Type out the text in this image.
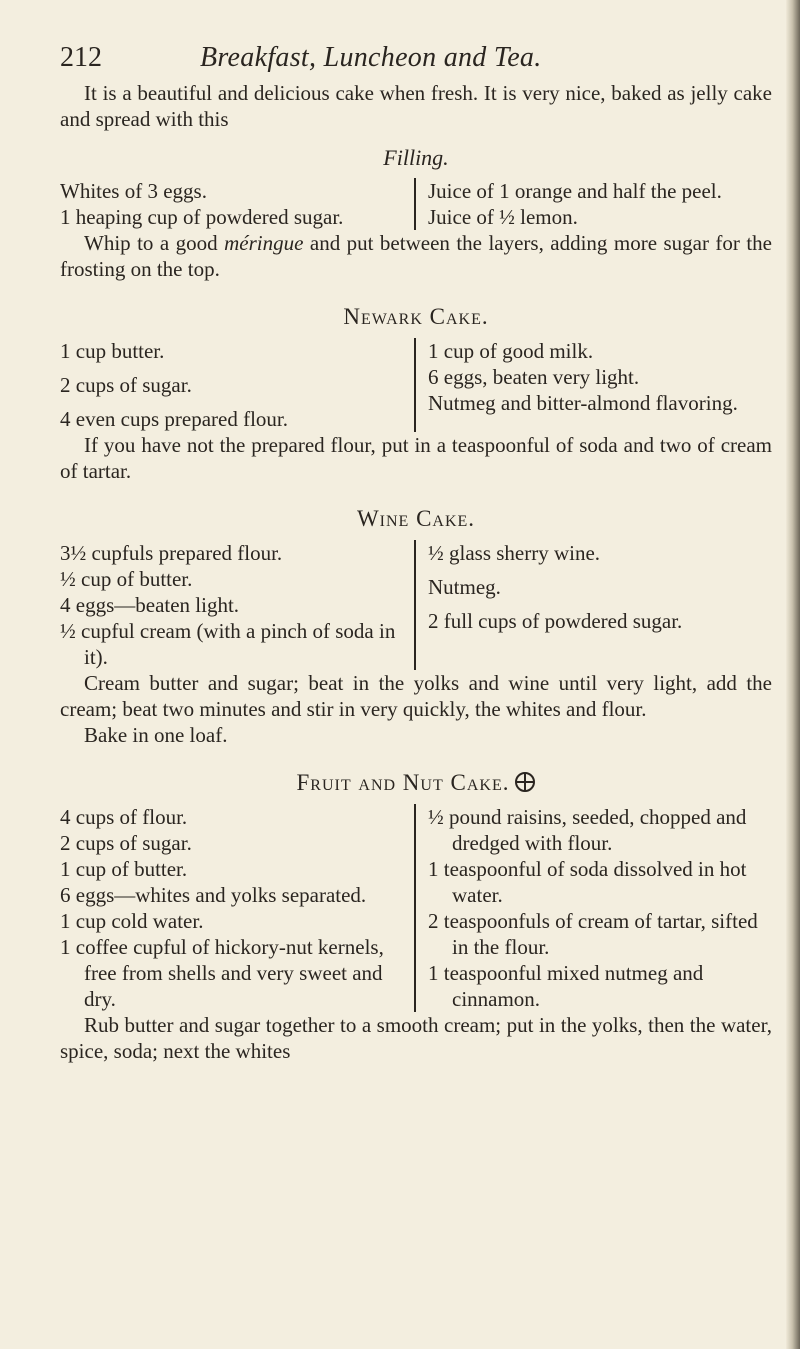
212	Breakfast, Luncheon and Tea.

It is a beautiful and delicious cake when fresh. It is very nice, baked as jelly cake and spread with this

Filling.
Whites of 3 eggs.
1 heaping cup of powdered sugar.
Juice of 1 orange and half the peel.
Juice of ½ lemon.

Whip to a good méringue and put between the layers, adding more sugar for the frosting on the top.

Newark Cake.
1 cup butter.
2 cups of sugar.
4 even cups prepared flour.
1 cup of good milk.
6 eggs, beaten very light.
Nutmeg and bitter-almond flavoring.

If you have not the prepared flour, put in a teaspoonful of soda and two of cream of tartar.

Wine Cake.
3½ cupfuls prepared flour.
½ cup of butter.
4 eggs—beaten light.
½ cupful cream (with a pinch of soda in it).
½ glass sherry wine.
Nutmeg.
2 full cups of powdered sugar.

Cream butter and sugar; beat in the yolks and wine until very light, add the cream; beat two minutes and stir in very quickly, the whites and flour.

Bake in one loaf.

Fruit and Nut Cake.
4 cups of flour.
2 cups of sugar.
1 cup of butter.
6 eggs—whites and yolks separated.
1 cup cold water.
1 coffee cupful of hickory-nut kernels, free from shells and very sweet and dry.
½ pound raisins, seeded, chopped and dredged with flour.
1 teaspoonful of soda dissolved in hot water.
2 teaspoonfuls of cream of tartar, sifted in the flour.
1 teaspoonful mixed nutmeg and cinnamon.

Rub butter and sugar together to a smooth cream; put in the yolks, then the water, spice, soda; next the whites
